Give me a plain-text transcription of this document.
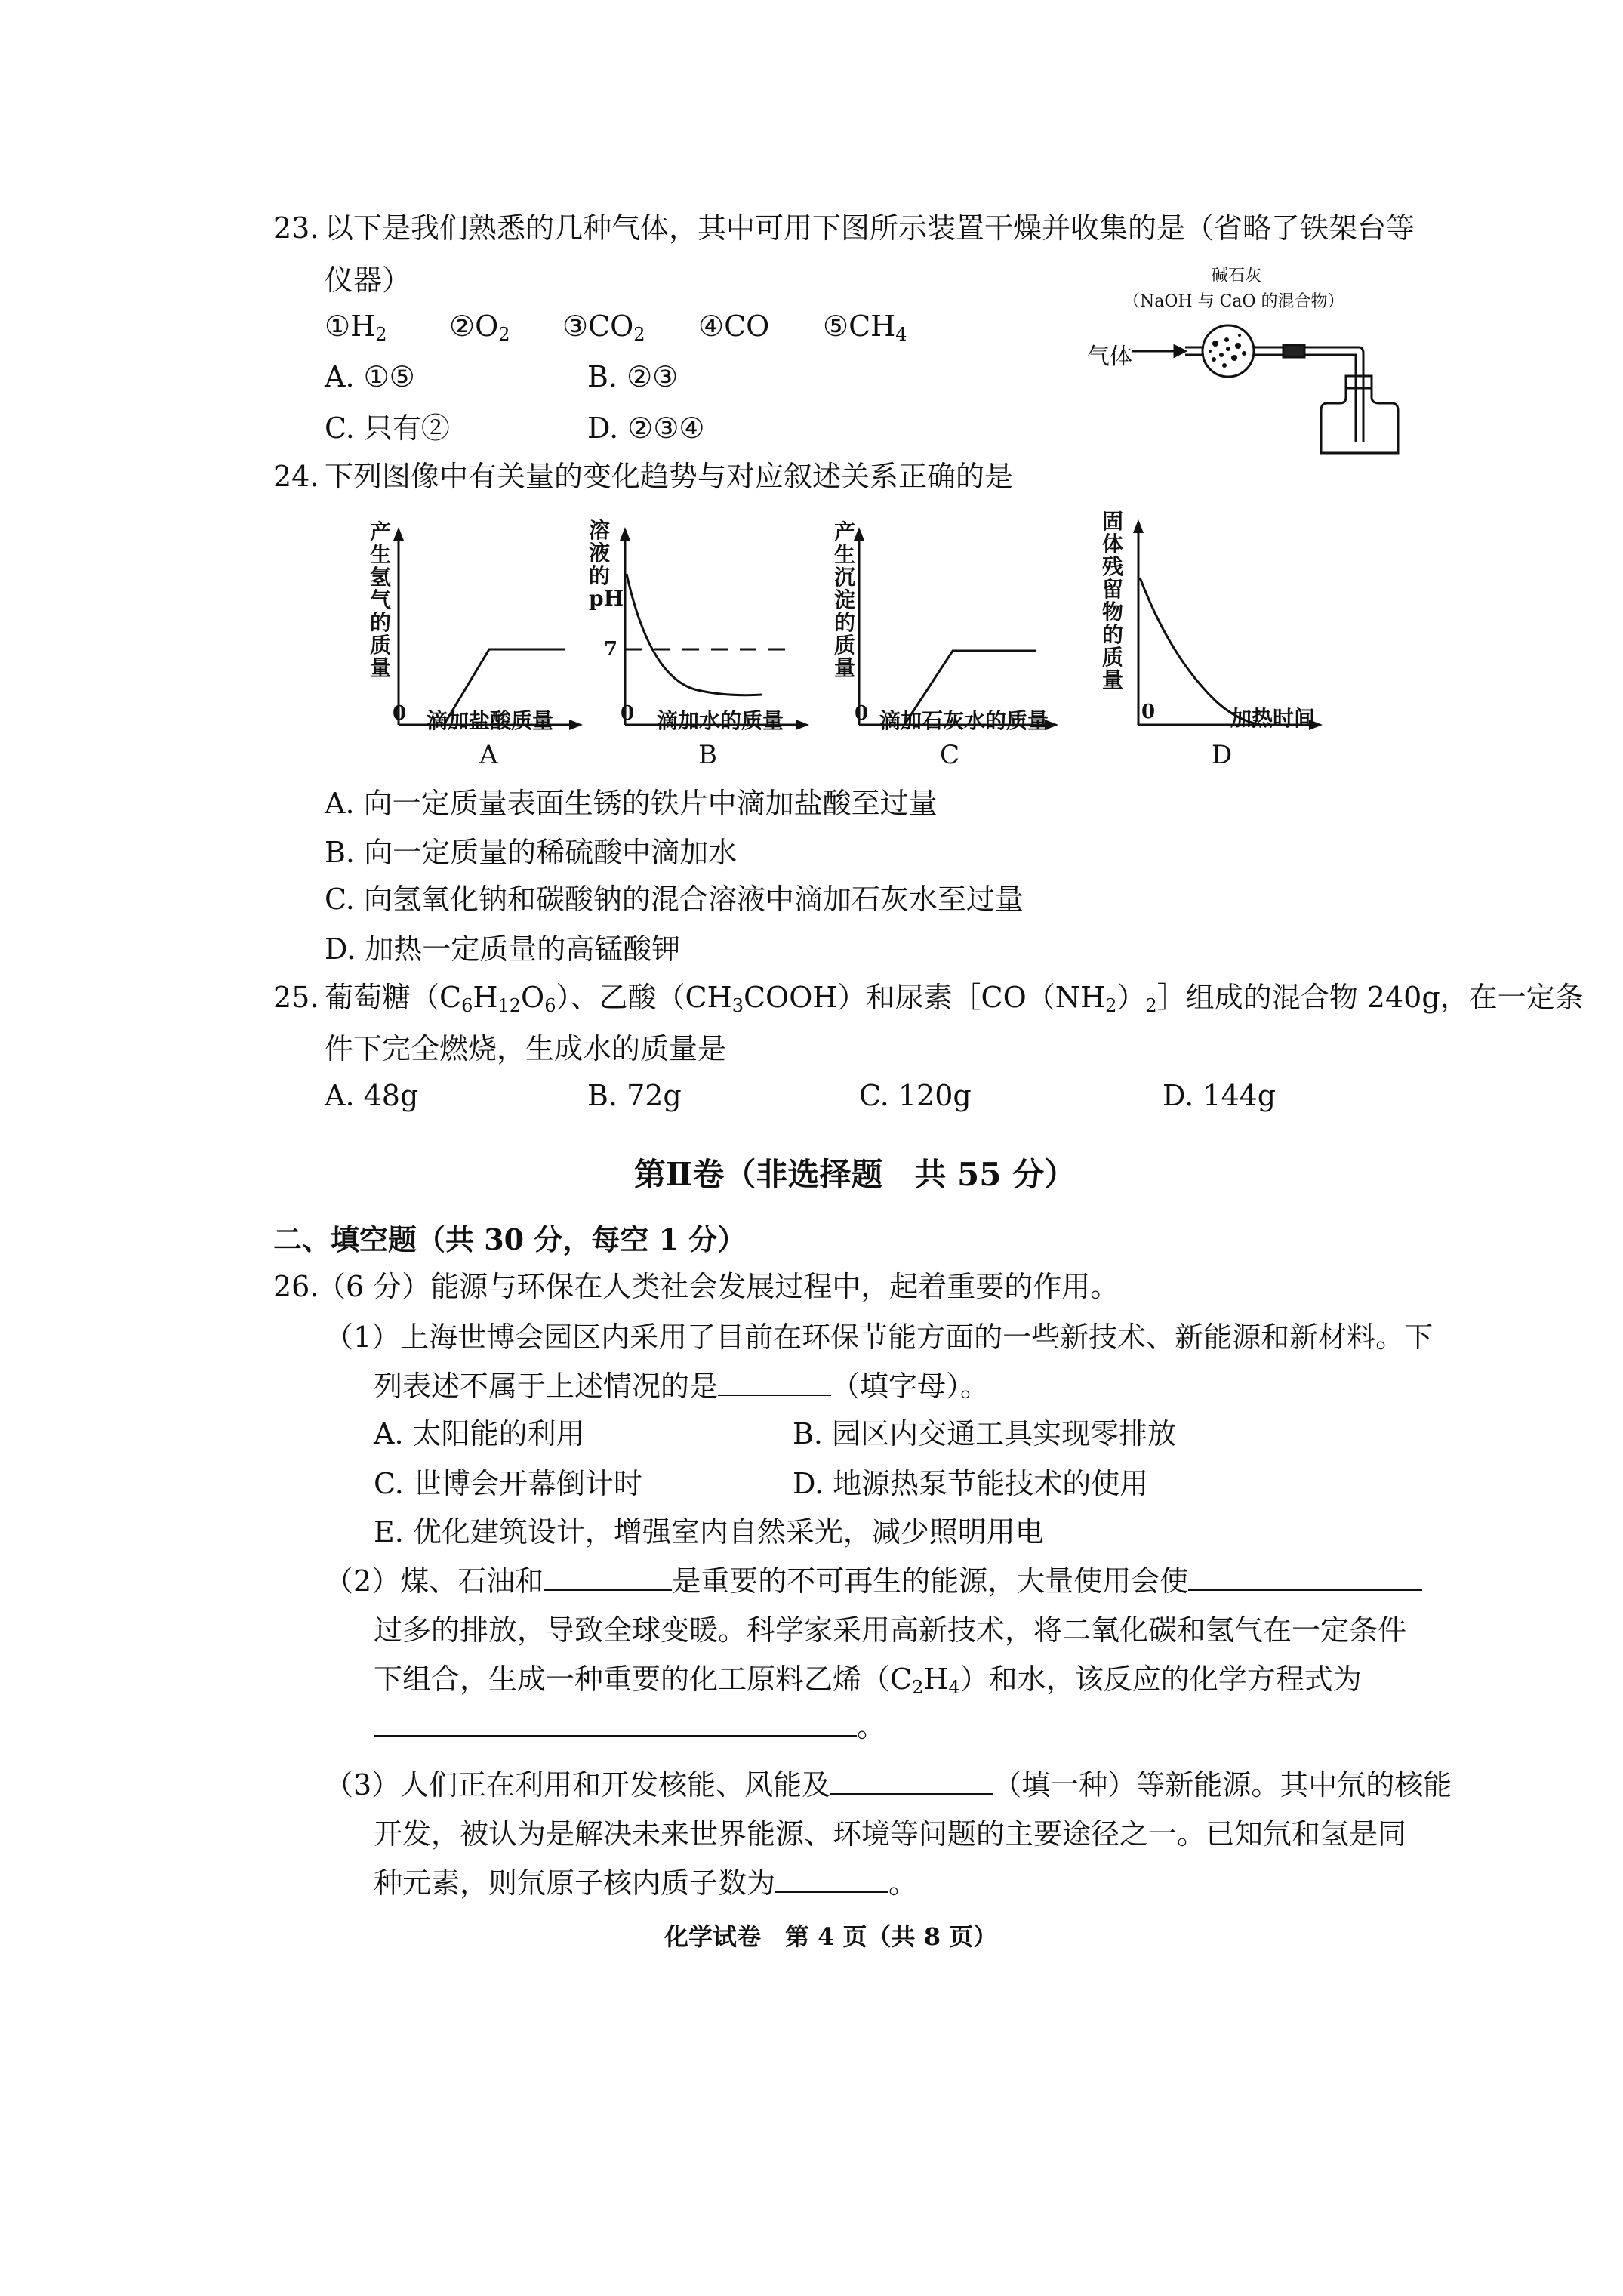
23. 以下是我们熟悉的几种气体，其中可用下图所示装置干燥并收集的是（省略了铁架台等
仪器）
$①H_2$ $②O_2$ $③CO_2$ ④CO $⑤CH_4$
A. ①⑤	B. ②③
C. 只有②	D. ②③④
碱石灰
（NaOH 与 CaO 的混合物）
气体
24. 下列图像中有关量的变化趋势与对应叙述关系正确的是
产生氢气的质量
0 滴加盐酸质量
A
溶液的pH
7
0 滴加水的质量
B
产生沉淀的质量
0 滴加石灰水的质量
C
固体残留物的质量
0	加热时间
D
A. 向一定质量表面生锈的铁片中滴加盐酸至过量
B. 向一定质量的稀硫酸中滴加水
C. 向氢氧化钠和碳酸钠的混合溶液中滴加石灰水至过量
D. 加热一定质量的高锰酸钾
25. 葡萄糖$(C_6H_{12}O_6)$、乙酸$(CH_3COOH)$和尿素$[CO(NH_2)_2]$组成的混合物 240g，在一定条
件下完全燃烧，生成水的质量是
A. 48g	B. 72g	C. 120g	D. 144g
第Ⅱ卷（非选择题　共 55 分）
二、填空题（共 30 分，每空 1 分）
26.
（6 分）能源与环保在人类社会发展过程中，起着重要的作用。
（1）上海世博会园区内采用了目前在环保节能方面的一些新技术、新能源和新材料。下
列表述不属于上述情况的是	（填字母）。
A. 太阳能的利用	B. 园区内交通工具实现零排放
C. 世博会开幕倒计时	D. 地源热泵节能技术的使用
E. 优化建筑设计，增强室内自然采光，减少照明用电
（2）煤、石油和	是重要的不可再生的能源，大量使用会使
过多的排放，导致全球变暖。科学家采用高新技术，将二氧化碳和氢气在一定条件
下组合，生成一种重要的化工原料乙烯$(C_2H_4)$和水，该反应的化学方程式为
。
（3）人们正在利用和开发核能、风能及	（填一种）等新能源。其中氘的核能
开发，被认为是解决未来世界能源、环境等问题的主要途径之一。已知氘和氢是同
种元素，则氘原子核内质子数为	。
化学试卷　第 4 页（共 8 页）
